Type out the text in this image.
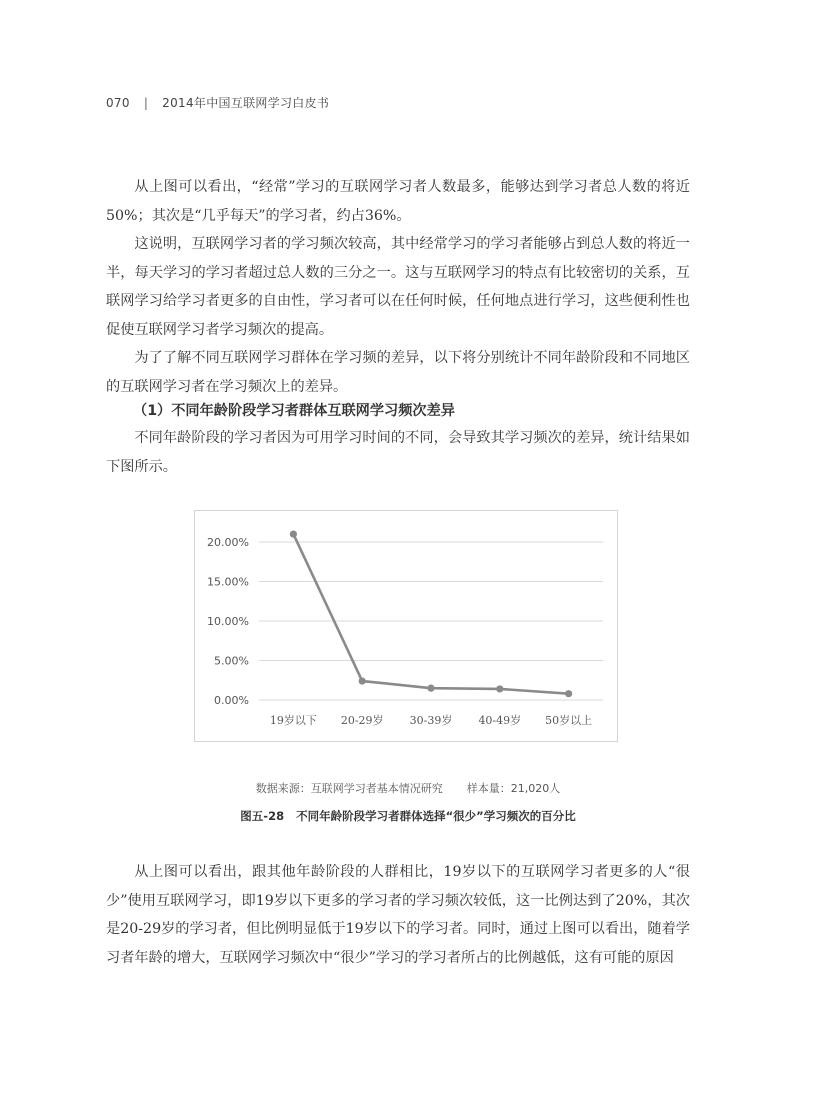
070 | 2014年中国互联网学习白皮书

从上图可以看出，“经常”学习的互联网学习者人数最多，能够达到学习者总人数的将近50%；其次是“几乎每天”的学习者，约占36%。

这说明，互联网学习者的学习频次较高，其中经常学习的学习者能够占到总人数的将近一半，每天学习的学习者超过总人数的三分之一。这与互联网学习的特点有比较密切的关系，互联网学习给学习者更多的自由性，学习者可以在任何时候，任何地点进行学习，这些便利性也促使互联网学习者学习频次的提高。

为了了解不同互联网学习群体在学习频的差异，以下将分别统计不同年龄阶段和不同地区的互联网学习者在学习频次上的差异。

（1）不同年龄阶段学习者群体互联网学习频次差异

不同年龄阶段的学习者因为可用学习时间的不同，会导致其学习频次的差异，统计结果如下图所示。

0.00%
5.00%
10.00%
15.00%
20.00%
19岁以下 20-29岁 30-39岁 40-49岁 50岁以上
数据来源：互联网学习者基本情况研究 样本量：21,020人
图五-28 不同年龄阶段学习者群体选择“很少”学习频次的百分比

从上图可以看出，跟其他年龄阶段的人群相比，19岁以下的互联网学习者更多的人“很少”使用互联网学习，即19岁以下更多的学习者的学习频次较低，这一比例达到了20%，其次是20-29岁的学习者，但比例明显低于19岁以下的学习者。同时，通过上图可以看出，随着学习者年龄的增大，互联网学习频次中“很少”学习的学习者所占的比例越低，这有可能的原因
